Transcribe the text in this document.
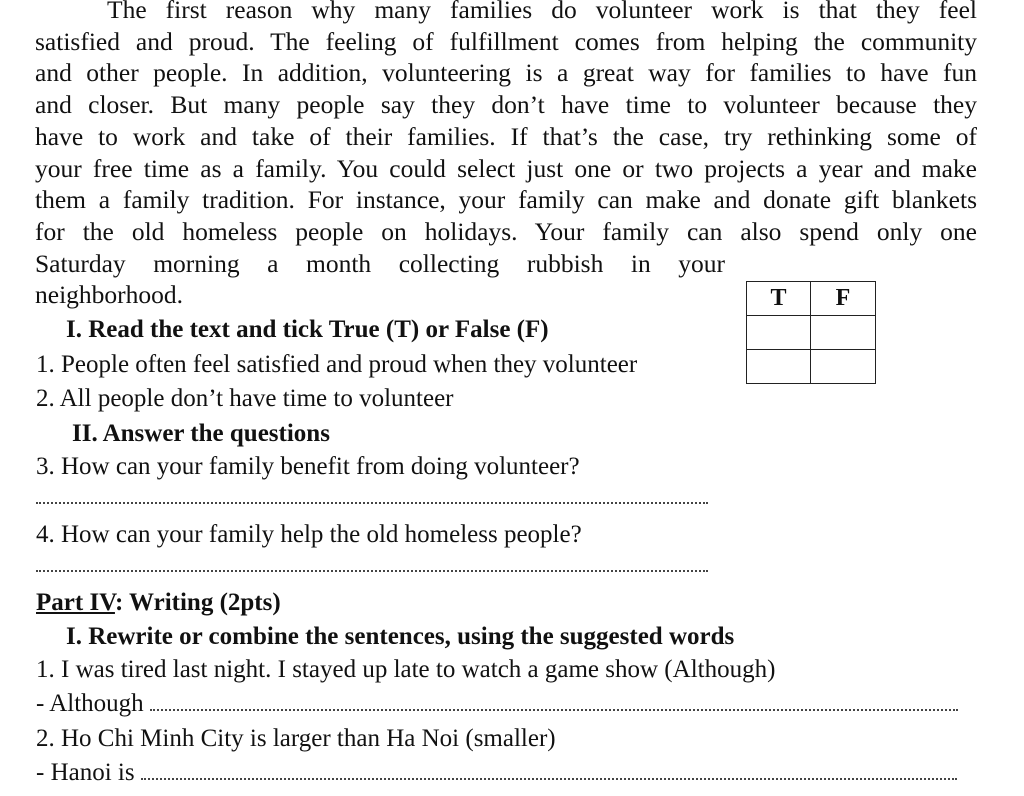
The first reason why many families do volunteer work is that they feel
satisfied and proud. The feeling of fulfillment comes from helping the community
and other people. In addition, volunteering is a great way for families to have fun
and closer. But many people say they don’t have time to volunteer because they
have to work and take of their families. If that’s the case, try rethinking some of
your free time as a family. You could select just one or two projects a year and make
them a family tradition. For instance, your family can make and donate gift blankets
for the old homeless people on holidays. Your family can also spend only one
Saturday morning a month collecting rubbish in your
neighborhood.	T	F

I. Read the text and tick True (T) or False (F)
1. People often feel satisfied and proud when they volunteer
2. All people don’t have time to volunteer
II. Answer the questions
3. How can your family benefit from doing volunteer?
4. How can your family help the old homeless people?
Part IV: Writing (2pts)
I. Rewrite or combine the sentences, using the suggested words
1. I was tired last night. I stayed up late to watch a game show (Although)
- Although
2. Ho Chi Minh City is larger than Ha Noi (smaller)
- Hanoi is
